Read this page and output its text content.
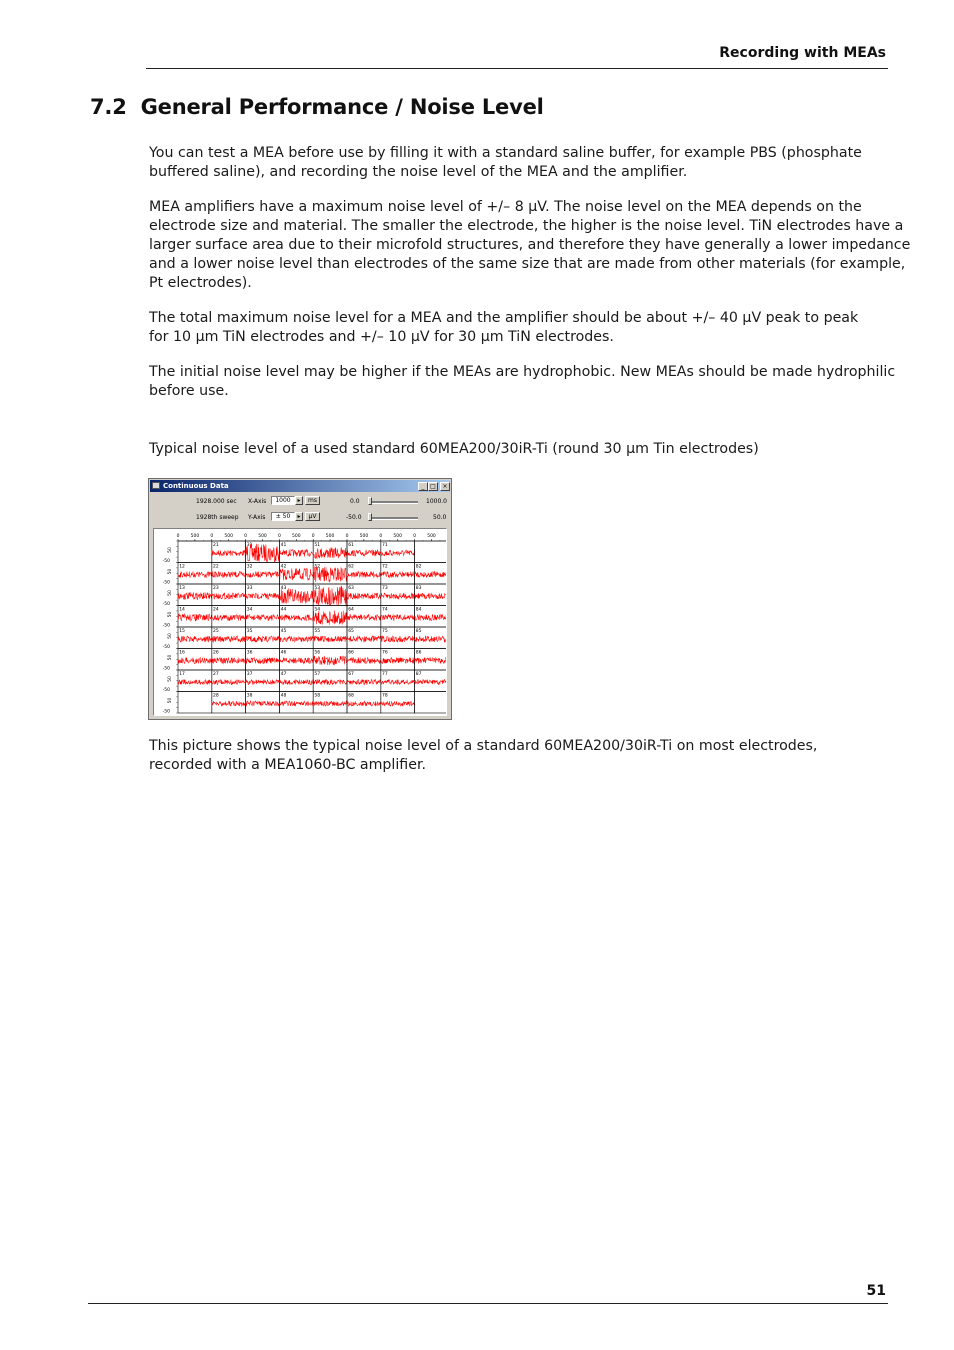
Recording with MEAs
7.2 General Performance / Noise Level

You can test a MEA before use by filling it with a standard saline buffer, for example PBS (phosphate
buffered saline), and recording the noise level of the MEA and the amplifier.

MEA amplifiers have a maximum noise level of +/– 8 µV. The noise level on the MEA depends on the
electrode size and material. The smaller the electrode, the higher is the noise level. TiN electrodes have a
larger surface area due to their microfold structures, and therefore they have generally a lower impedance
and a lower noise level than electrodes of the same size that are made from other materials (for example,
Pt electrodes).

The total maximum noise level for a MEA and the amplifier should be about +/– 40 µV peak to peak
for 10 µm TiN electrodes and +/– 10 µV for 30 µm TiN electrodes.

The initial noise level may be higher if the MEAs are hydrophobic. New MEAs should be made hydrophilic
before use.

Typical noise level of a used standard 60MEA200/30iR-Ti (round 30 µm Tin electrodes)

Continuous Data	_ □	×
1928.000 sec
1928th sweep
X-Axis
Y-Axis
1000	▸	ms
± 50	▸	µV
0.0	1000.0
-50.0	50.0
0 500 0 500 0 500 0 500 0 500 0 500 0 500 0 500
50
-50
50
-50
50
-50
50
-50
50
-50
50
-50
50
-50
50
-50
21	31	41	51	61	71
12	22	32	42	52	62	72	82
13	23	33	43	53	63	73	83
14	24	34	44	54	64	74	84
15	25	35	45	55	65	75	85
16	26	36	46	56	66	76	86
17	27	37	47	57	67	77	87
28	38	48	58	68	78

This picture shows the typical noise level of a standard 60MEA200/30iR-Ti on most electrodes,
recorded with a MEA1060-BC amplifier.

51
